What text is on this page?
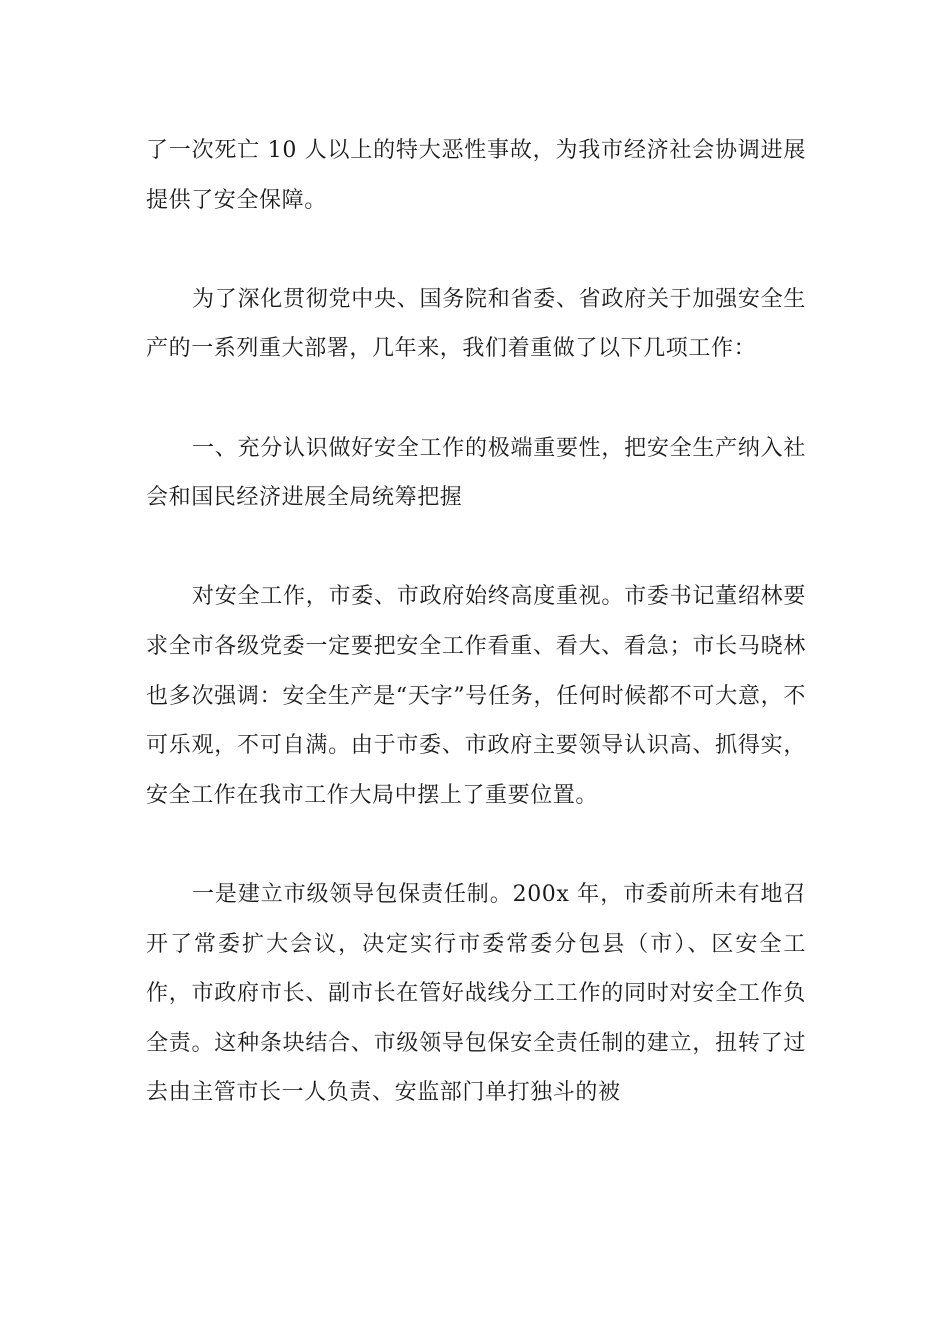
了一次死亡 10 人以上的特大恶性事故，为我市经济社会协调进展提供了安全保障。

为了深化贯彻党中央、国务院和省委、省政府关于加强安全生产的一系列重大部署，几年来，我们着重做了以下几项工作：

一、充分认识做好安全工作的极端重要性，把安全生产纳入社会和国民经济进展全局统筹把握

对安全工作，市委、市政府始终高度重视。市委书记董绍林要求全市各级党委一定要把安全工作看重、看大、看急；市长马晓林也多次强调：安全生产是“天字”号任务，任何时候都不可大意，不可乐观，不可自满。由于市委、市政府主要领导认识高、抓得实，安全工作在我市工作大局中摆上了重要位置。

一是建立市级领导包保责任制。200x 年，市委前所未有地召开了常委扩大会议，决定实行市委常委分包县（市）、区安全工作，市政府市长、副市长在管好战线分工工作的同时对安全工作负全责。这种条块结合、市级领导包保安全责任制的建立，扭转了过去由主管市长一人负责、安监部门单打独斗的被
